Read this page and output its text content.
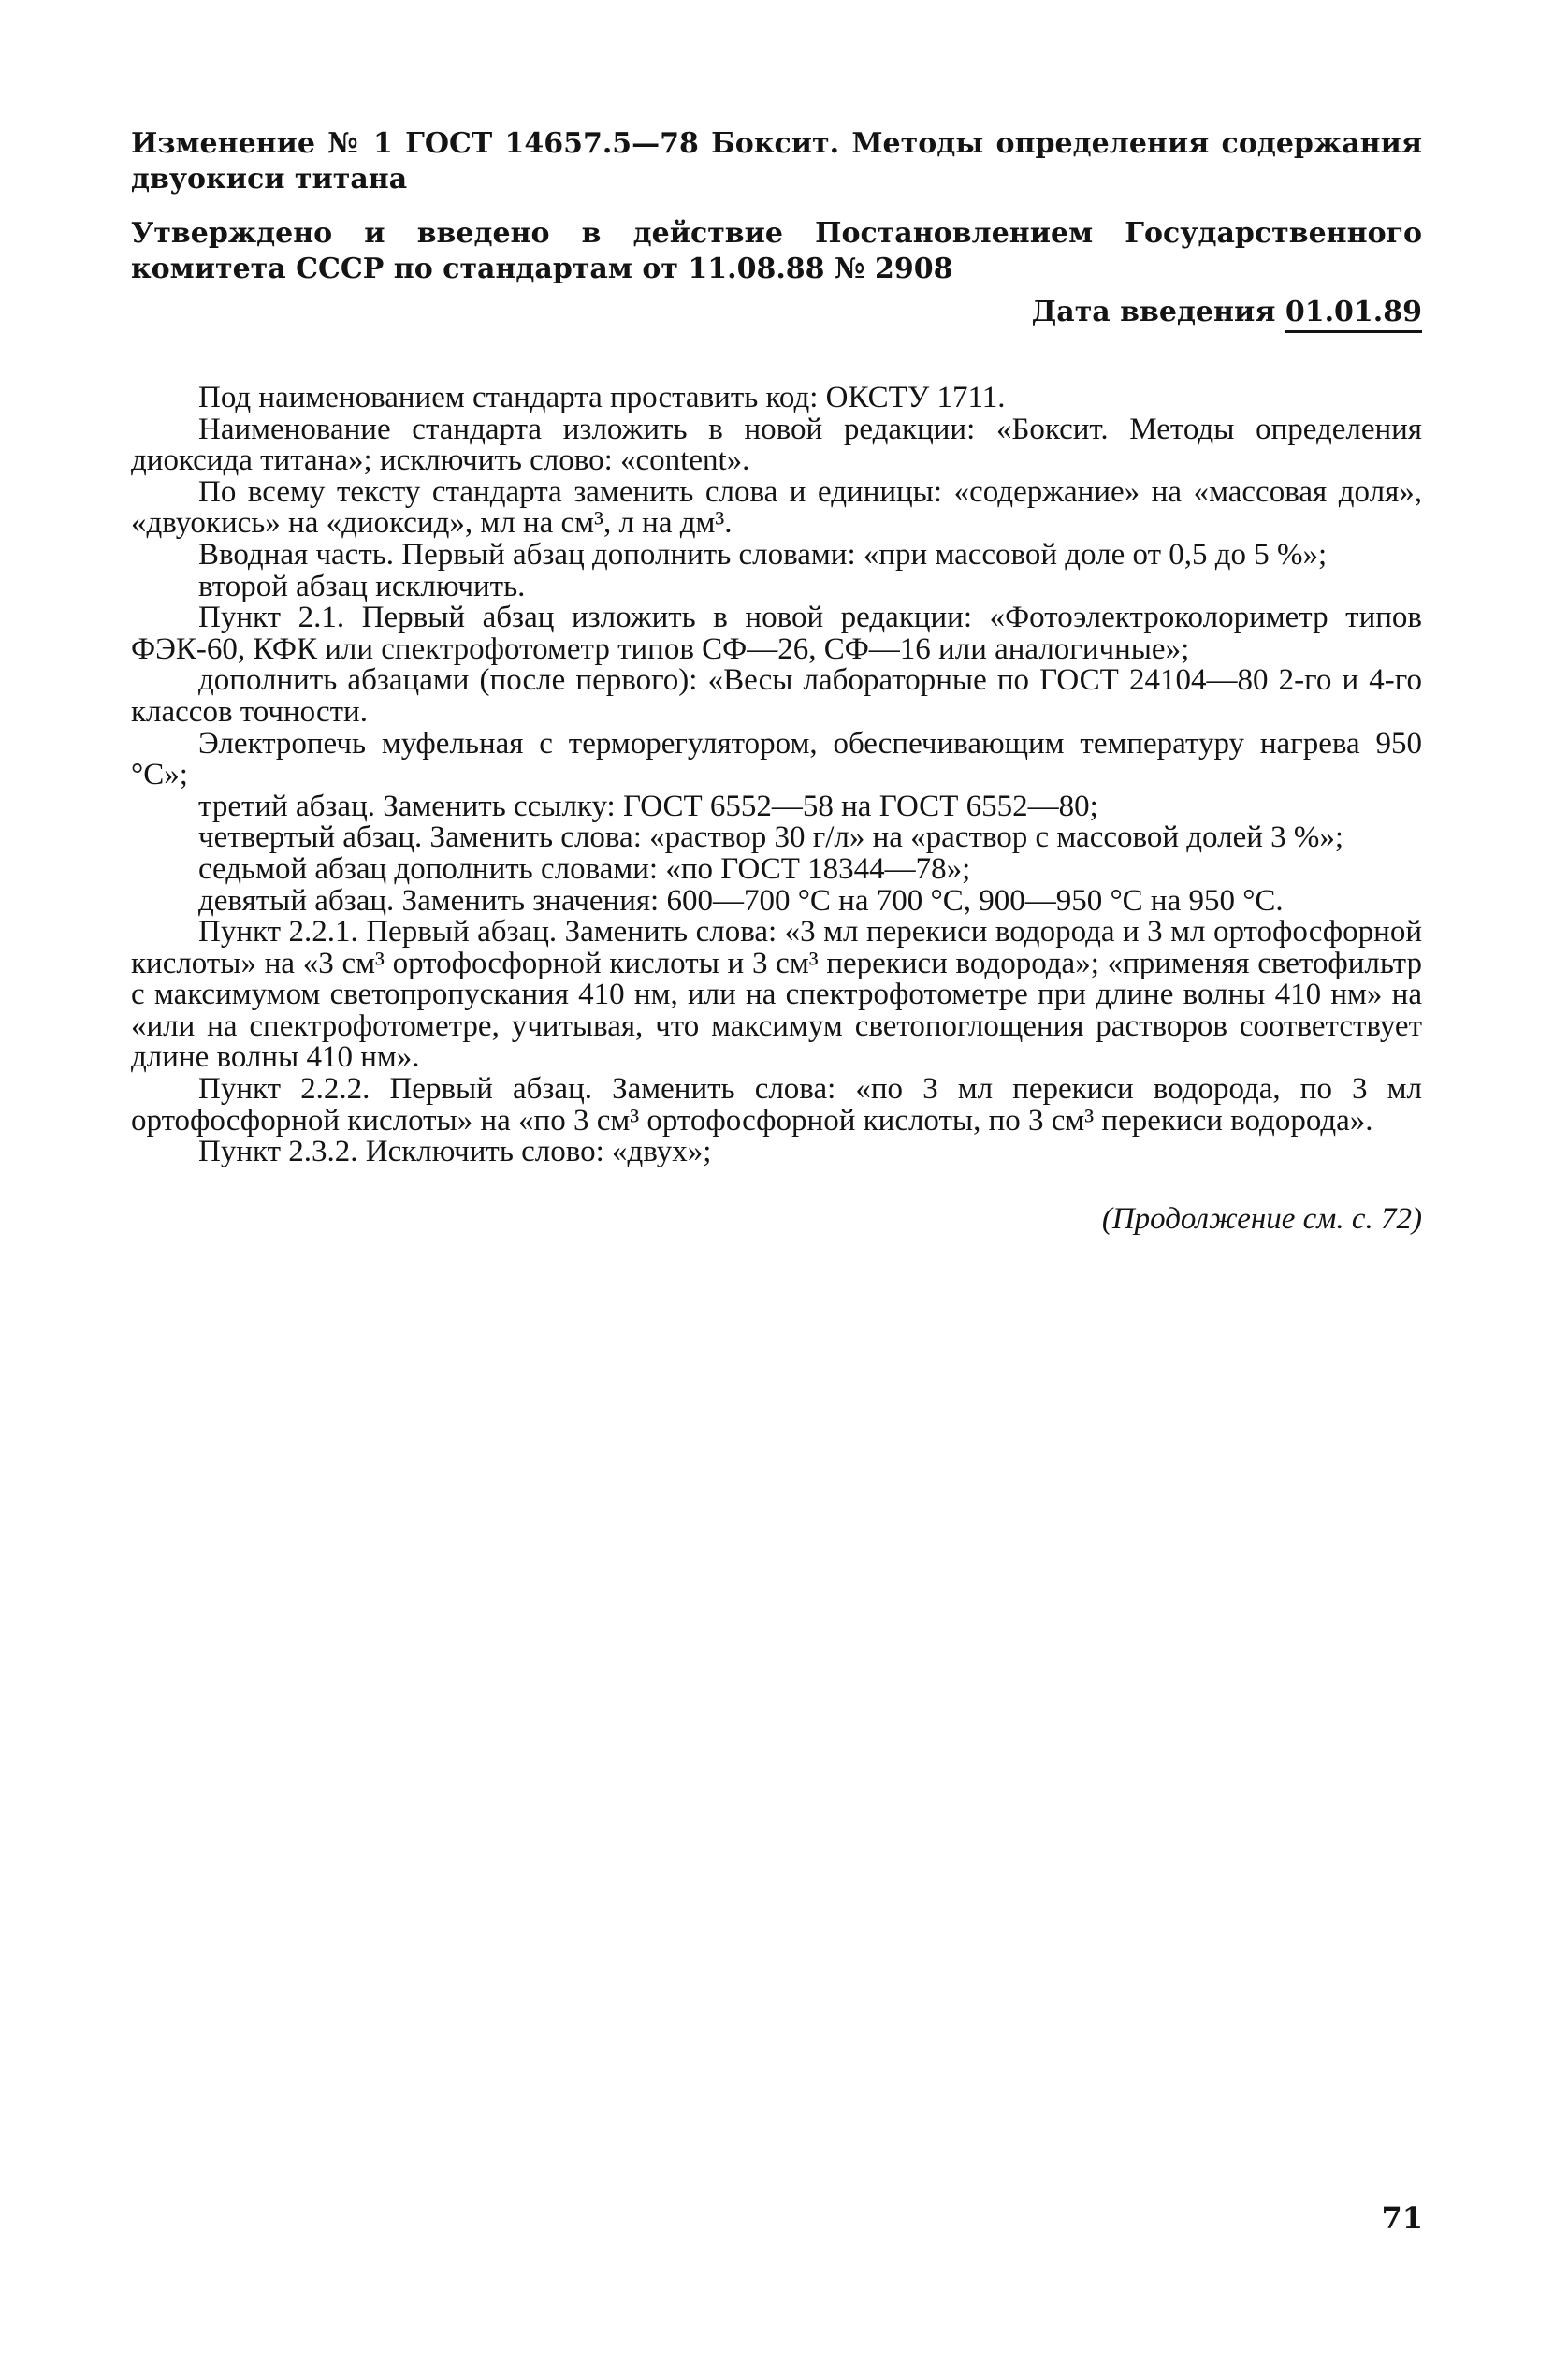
Изменение № 1 ГОСТ 14657.5—78 Боксит. Методы определения содержания двуокиси титана

Утверждено и введено в действие Постановлением Государственного комитета СССР по стандартам от 11.08.88 № 2908

Дата введения 01.01.89

Под наименованием стандарта проставить код: ОКСТУ 1711.

Наименование стандарта изложить в новой редакции: «Боксит. Методы определения диоксида титана»; исключить слово: «content».

По всему тексту стандарта заменить слова и единицы: «содержание» на «массовая доля», «двуокись» на «диоксид», мл на см³, л на дм³.

Вводная часть. Первый абзац дополнить словами: «при массовой доле от 0,5 до 5 %»;

второй абзац исключить.

Пункт 2.1. Первый абзац изложить в новой редакции: «Фотоэлектроколориметр типов ФЭК-60, КФК или спектрофотометр типов СФ—26, СФ—16 или аналогичные»;

дополнить абзацами (после первого): «Весы лабораторные по ГОСТ 24104—80 2-го и 4-го классов точности.

Электропечь муфельная с терморегулятором, обеспечивающим температуру нагрева 950 °С»;

третий абзац. Заменить ссылку: ГОСТ 6552—58 на ГОСТ 6552—80;

четвертый абзац. Заменить слова: «раствор 30 г/л» на «раствор с массовой долей 3 %»;

седьмой абзац дополнить словами: «по ГОСТ 18344—78»;

девятый абзац. Заменить значения: 600—700 °С на 700 °С, 900—950 °С на 950 °С.

Пункт 2.2.1. Первый абзац. Заменить слова: «3 мл перекиси водорода и 3 мл ортофосфорной кислоты» на «3 см³ ортофосфорной кислоты и 3 см³ перекиси водорода»; «применяя светофильтр с максимумом светопропускания 410 нм, или на спектрофотометре при длине волны 410 нм» на «или на спектрофотометре, учитывая, что максимум светопоглощения растворов соответствует длине волны 410 нм».

Пункт 2.2.2. Первый абзац. Заменить слова: «по 3 мл перекиси водорода, по 3 мл ортофосфорной кислоты» на «по 3 см³ ортофосфорной кислоты, по 3 см³ перекиси водорода».

Пункт 2.3.2. Исключить слово: «двух»;

(Продолжение см. с. 72)

71
